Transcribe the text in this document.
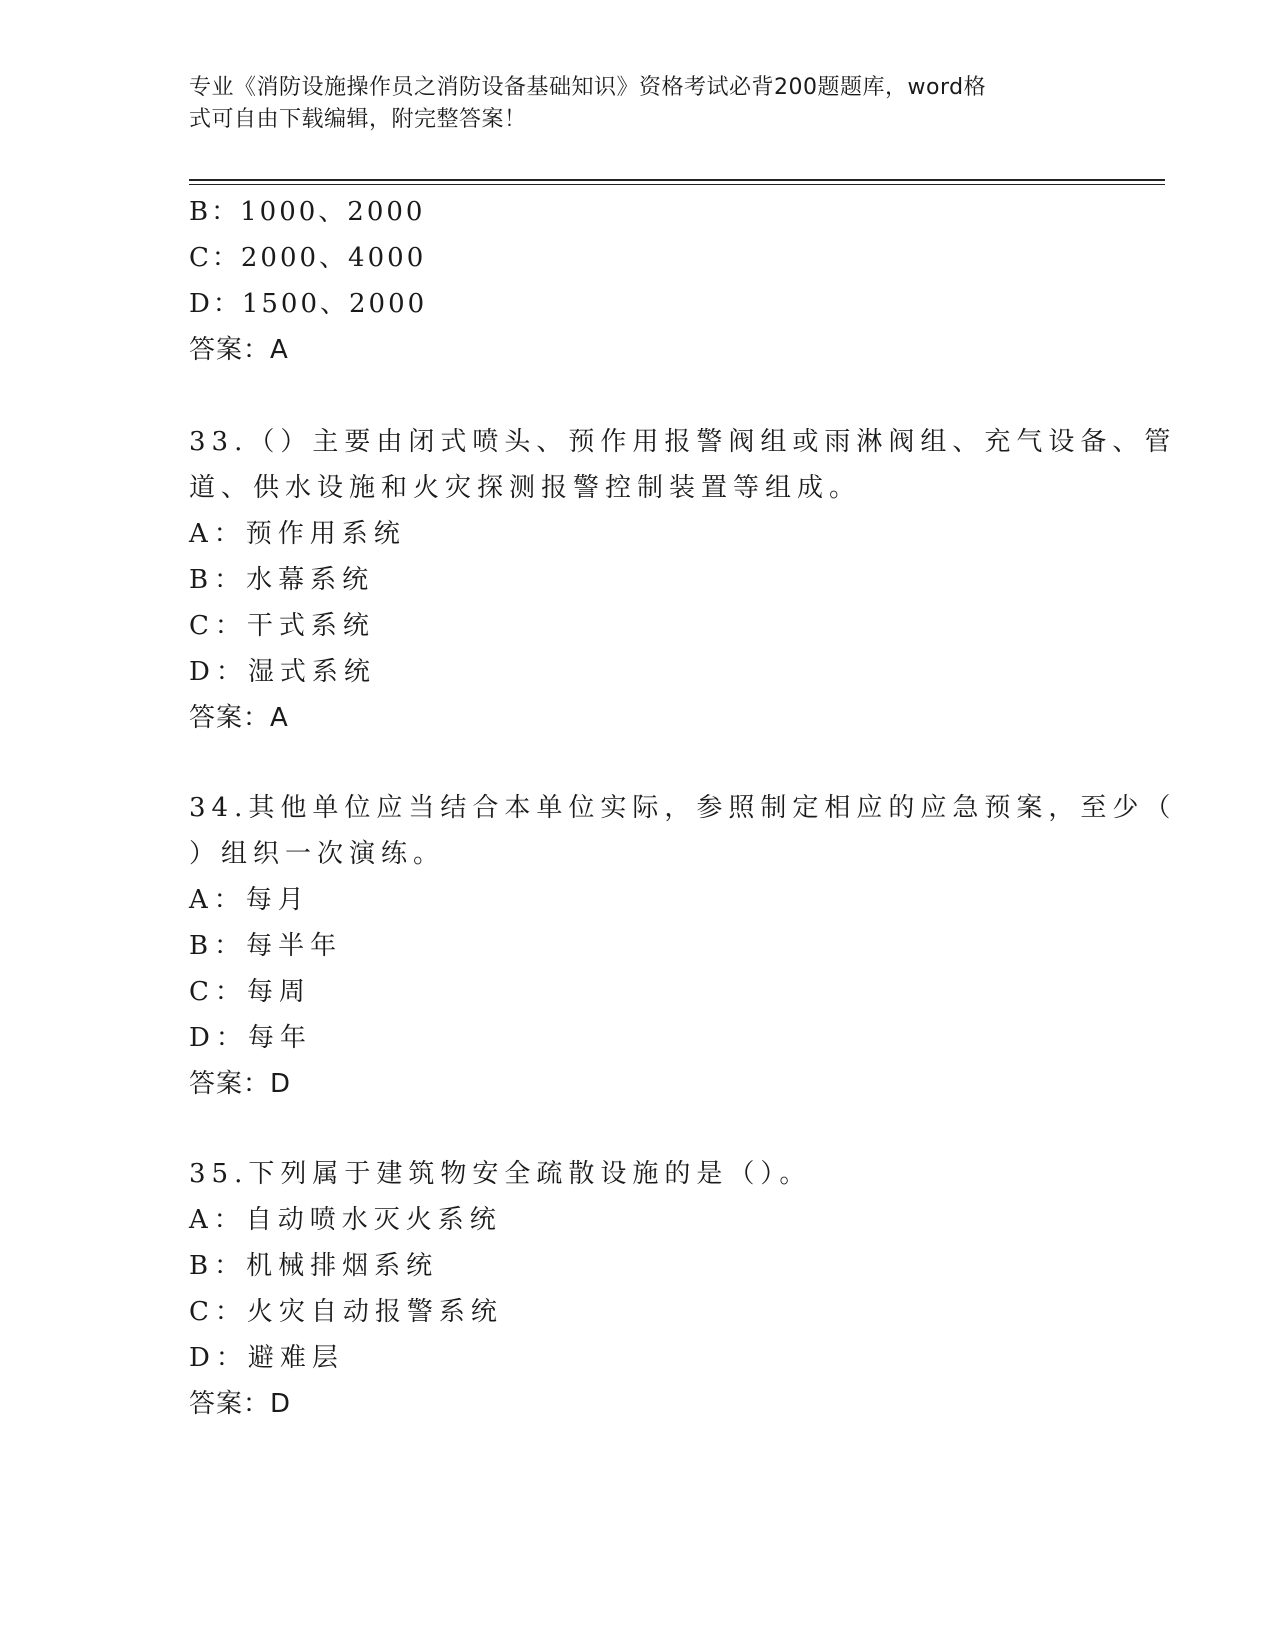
专业《消防设施操作员之消防设备基础知识》资格考试必背200题题库，word格
式可自由下载编辑，附完整答案！
B：1000、2000
C：2000、4000
D：1500、2000
答案：A
33.（）主要由闭式喷头、预作用报警阀组或雨淋阀组、充气设备、管
道、供水设施和火灾探测报警控制装置等组成。
A：预作用系统
B：水幕系统
C：干式系统
D：湿式系统
答案：A
34.其他单位应当结合本单位实际，参照制定相应的应急预案，至少（
）组织一次演练。
A：每月
B：每半年
C：每周
D：每年
答案：D
35.下列属于建筑物安全疏散设施的是（）。
A：自动喷水灭火系统
B：机械排烟系统
C：火灾自动报警系统
D：避难层
答案：D
